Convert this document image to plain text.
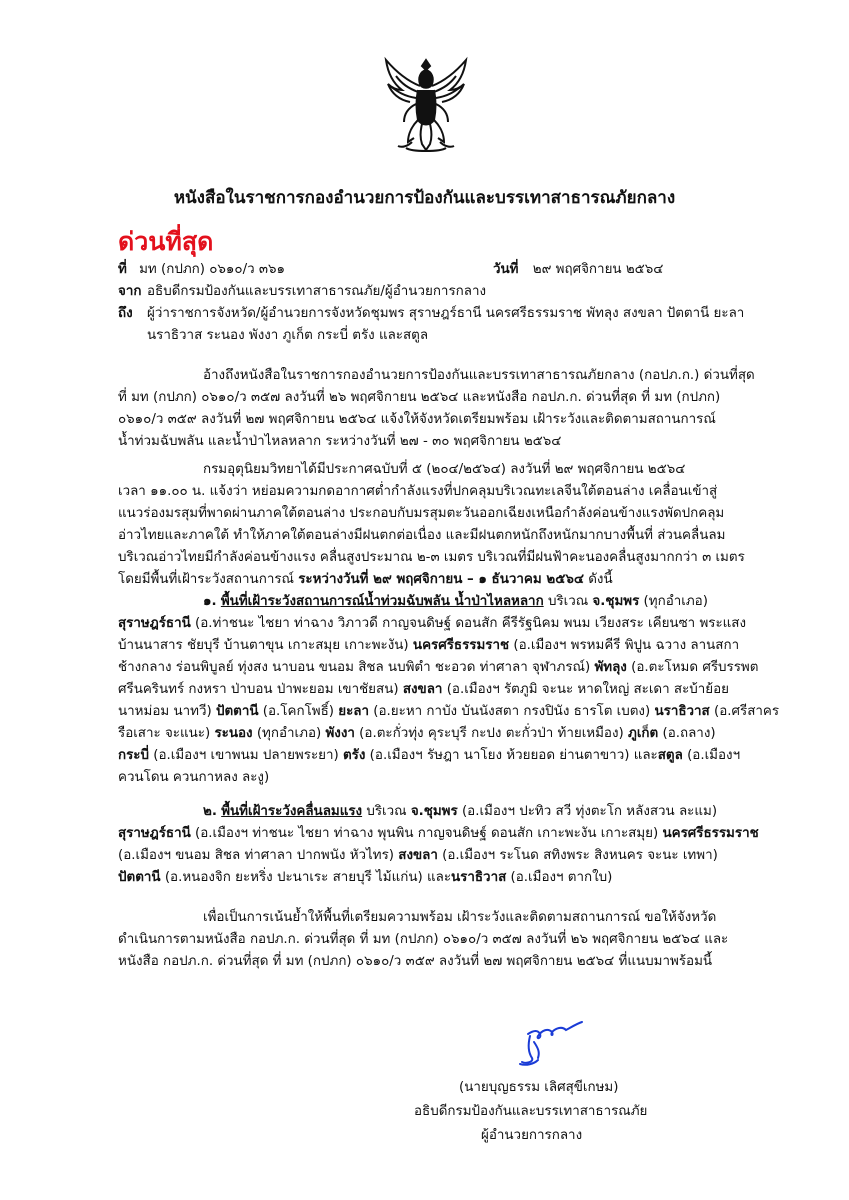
หนังสือในราชการกองอำนวยการป้องกันและบรรเทาสาธารณภัยกลาง
ด่วนที่สุด
ที่ มท (กปภก) ๐๖๑๐/ว ๓๖๑	วันที่ ๒๙ พฤศจิกายน ๒๕๖๔
จาก อธิบดีกรมป้องกันและบรรเทาสาธารณภัย/ผู้อำนวยการกลาง
ถึง ผู้ว่าราชการจังหวัด/ผู้อำนวยการจังหวัดชุมพร สุราษฎร์ธานี นครศรีธรรมราช พัทลุง สงขลา ปัตตานี ยะลา
นราธิวาส ระนอง พังงา ภูเก็ต กระบี่ ตรัง และสตูล
อ้างถึงหนังสือในราชการกองอำนวยการป้องกันและบรรเทาสาธารณภัยกลาง (กอปภ.ก.) ด่วนที่สุด
ที่ มท (กปภก) ๐๖๑๐/ว ๓๕๗ ลงวันที่ ๒๖ พฤศจิกายน ๒๕๖๔ และหนังสือ กอปภ.ก. ด่วนที่สุด ที่ มท (กปภก)
๐๖๑๐/ว ๓๕๙ ลงวันที่ ๒๗ พฤศจิกายน ๒๕๖๔ แจ้งให้จังหวัดเตรียมพร้อม เฝ้าระวังและติดตามสถานการณ์
น้ำท่วมฉับพลัน และน้ำป่าไหลหลาก ระหว่างวันที่ ๒๗ - ๓๐ พฤศจิกายน ๒๕๖๔
กรมอุตุนิยมวิทยาได้มีประกาศฉบับที่ ๕ (๒๐๔/๒๕๖๔) ลงวันที่ ๒๙ พฤศจิกายน ๒๕๖๔
เวลา ๑๑.๐๐ น. แจ้งว่า หย่อมความกดอากาศต่ำกำลังแรงที่ปกคลุมบริเวณทะเลจีนใต้ตอนล่าง เคลื่อนเข้าสู่
แนวร่องมรสุมที่พาดผ่านภาคใต้ตอนล่าง ประกอบกับมรสุมตะวันออกเฉียงเหนือกำลังค่อนข้างแรงพัดปกคลุม
อ่าวไทยและภาคใต้ ทำให้ภาคใต้ตอนล่างมีฝนตกต่อเนื่อง และมีฝนตกหนักถึงหนักมากบางพื้นที่ ส่วนคลื่นลม
บริเวณอ่าวไทยมีกำลังค่อนข้างแรง คลื่นสูงประมาณ ๒-๓ เมตร บริเวณที่มีฝนฟ้าคะนองคลื่นสูงมากกว่า ๓ เมตร
โดยมีพื้นที่เฝ้าระวังสถานการณ์ ระหว่างวันที่ ๒๙ พฤศจิกายน – ๑ ธันวาคม ๒๕๖๔ ดังนี้
๑. พื้นที่เฝ้าระวังสถานการณ์น้ำท่วมฉับพลัน น้ำป่าไหลหลาก บริเวณ จ.ชุมพร (ทุกอำเภอ)
สุราษฎร์ธานี (อ.ท่าชนะ ไชยา ท่าฉาง วิภาวดี กาญจนดิษฐ์ ดอนสัก คีรีรัฐนิคม พนม เวียงสระ เคียนซา พระแสง
บ้านนาสาร ชัยบุรี บ้านตาขุน เกาะสมุย เกาะพะงัน) นครศรีธรรมราช (อ.เมืองฯ พรหมคีรี พิปูน ฉวาง ลานสกา
ช้างกลาง ร่อนพิบูลย์ ทุ่งสง นาบอน ขนอม สิชล นบพิตำ ชะอวด ท่าศาลา จุฬาภรณ์) พัทลุง (อ.ตะโหมด ศรีบรรพต
ศรีนครินทร์ กงหรา ป่าบอน ป่าพะยอม เขาชัยสน) สงขลา (อ.เมืองฯ รัตภูมิ จะนะ หาดใหญ่ สะเดา สะบ้าย้อย
นาหม่อม นาทวี) ปัตตานี (อ.โคกโพธิ์) ยะลา (อ.ยะหา กาบัง บันนังสตา กรงปินัง ธารโต เบตง) นราธิวาส (อ.ศรีสาคร
รือเสาะ จะแนะ) ระนอง (ทุกอำเภอ) พังงา (อ.ตะกั่วทุ่ง คุระบุรี กะปง ตะกั่วป่า ท้ายเหมือง) ภูเก็ต (อ.ถลาง)
กระบี่ (อ.เมืองฯ เขาพนม ปลายพระยา) ตรัง (อ.เมืองฯ รัษฎา นาโยง ห้วยยอด ย่านตาขาว) และสตูล (อ.เมืองฯ
ควนโดน ควนกาหลง ละงู)
๒. พื้นที่เฝ้าระวังคลื่นลมแรง บริเวณ จ.ชุมพร (อ.เมืองฯ ปะทิว สวี ทุ่งตะโก หลังสวน ละแม)
สุราษฎร์ธานี (อ.เมืองฯ ท่าชนะ ไชยา ท่าฉาง พุนพิน กาญจนดิษฐ์ ดอนสัก เกาะพะงัน เกาะสมุย) นครศรีธรรมราช
(อ.เมืองฯ ขนอม สิชล ท่าศาลา ปากพนัง หัวไทร) สงขลา (อ.เมืองฯ ระโนด สทิงพระ สิงหนคร จะนะ เทพา)
ปัตตานี (อ.หนองจิก ยะหริ่ง ปะนาเระ สายบุรี ไม้แก่น) และนราธิวาส (อ.เมืองฯ ตากใบ)
เพื่อเป็นการเน้นย้ำให้พื้นที่เตรียมความพร้อม เฝ้าระวังและติดตามสถานการณ์ ขอให้จังหวัด
ดำเนินการตามหนังสือ กอปภ.ก. ด่วนที่สุด ที่ มท (กปภก) ๐๖๑๐/ว ๓๕๗ ลงวันที่ ๒๖ พฤศจิกายน ๒๕๖๔ และ
หนังสือ กอปภ.ก. ด่วนที่สุด ที่ มท (กปภก) ๐๖๑๐/ว ๓๕๙ ลงวันที่ ๒๗ พฤศจิกายน ๒๕๖๔ ที่แนบมาพร้อมนี้
(นายบุญธรรม เลิศสุขีเกษม)
อธิบดีกรมป้องกันและบรรเทาสาธารณภัย
ผู้อำนวยการกลาง
